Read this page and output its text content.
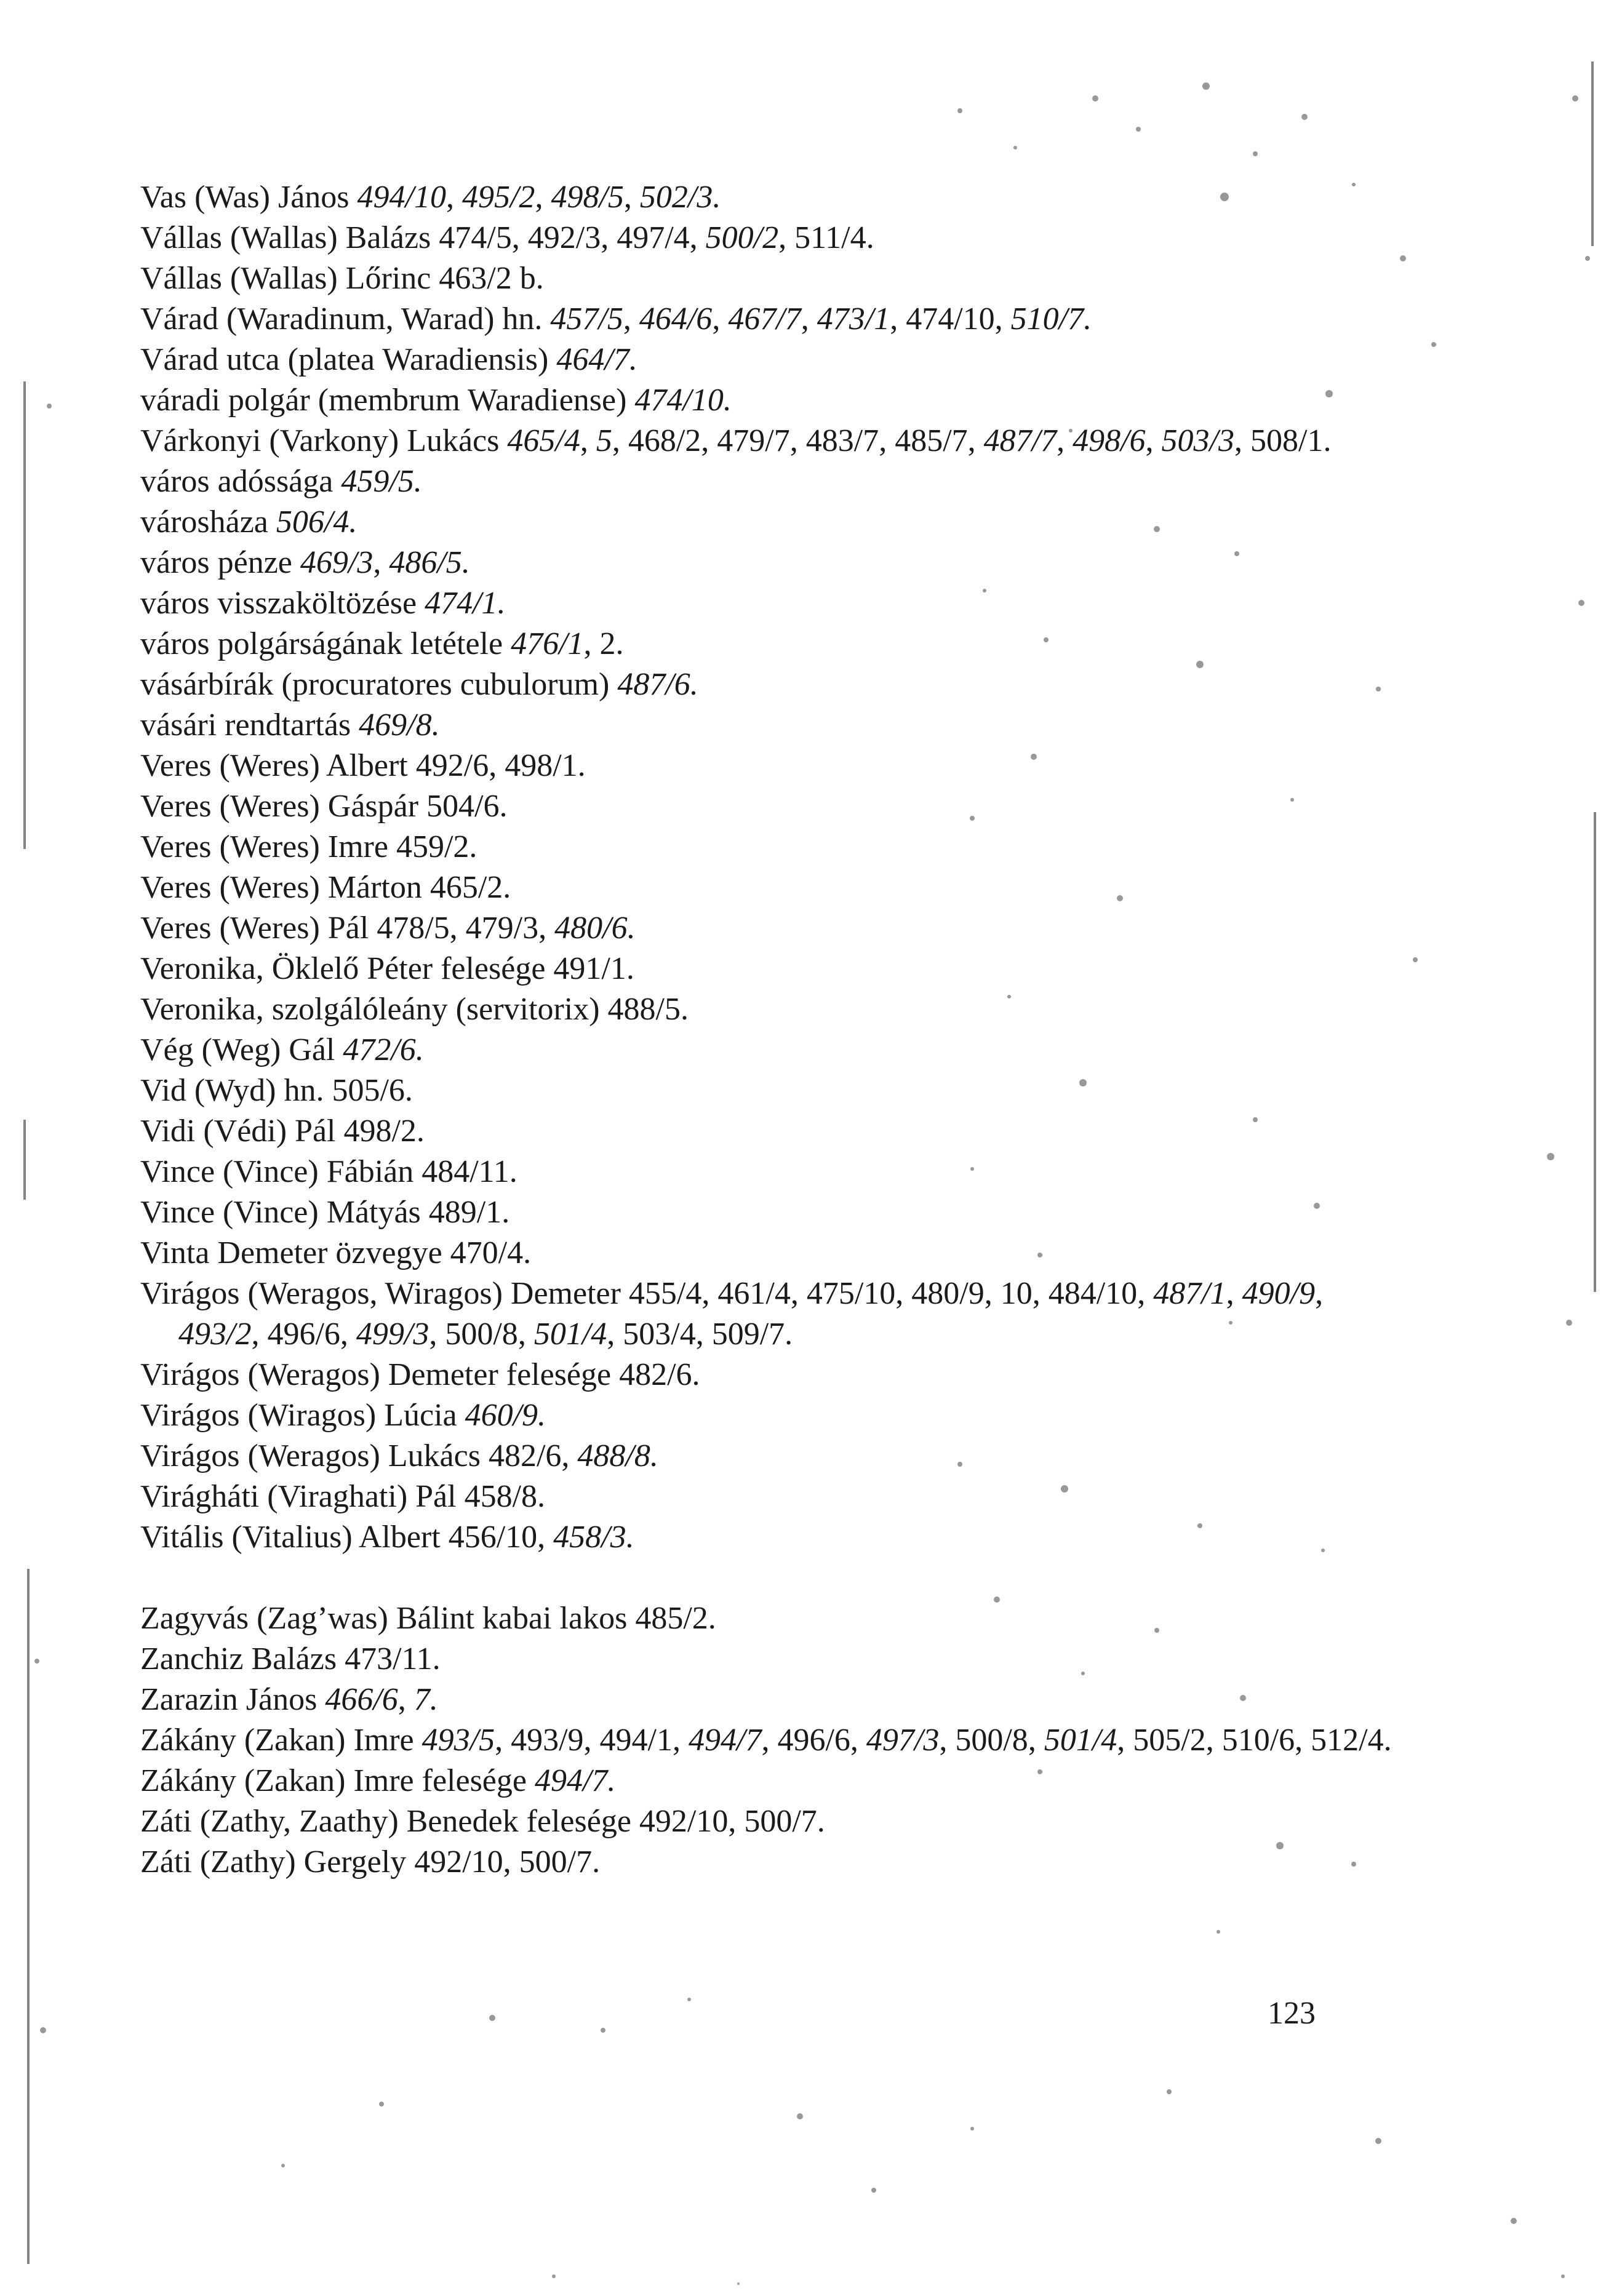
Vas (Was) János 494/10, 495/2, 498/5, 502/3.

Vállas (Wallas) Balázs 474/5, 492/3, 497/4, 500/2, 511/4.

Vállas (Wallas) Lőrinc 463/2 b.

Várad (Waradinum, Warad) hn. 457/5, 464/6, 467/7, 473/1, 474/10, 510/7.

Várad utca (platea Waradiensis) 464/7.

váradi polgár (membrum Waradiense) 474/10.

Várkonyi (Varkony) Lukács 465/4, 5, 468/2, 479/7, 483/7, 485/7, 487/7, 498/6, 503/3, 508/1.

város adóssága 459/5.

városháza 506/4.

város pénze 469/3, 486/5.

város visszaköltözése 474/1.

város polgárságának letétele 476/1, 2.

vásárbírák (procuratores cubulorum) 487/6.

vásári rendtartás 469/8.

Veres (Weres) Albert 492/6, 498/1.

Veres (Weres) Gáspár 504/6.

Veres (Weres) Imre 459/2.

Veres (Weres) Márton 465/2.

Veres (Weres) Pál 478/5, 479/3, 480/6.

Veronika, Öklelő Péter felesége 491/1.

Veronika, szolgálóleány (servitorix) 488/5.

Vég (Weg) Gál 472/6.

Vid (Wyd) hn. 505/6.

Vidi (Védi) Pál 498/2.

Vince (Vince) Fábián 484/11.

Vince (Vince) Mátyás 489/1.

Vinta Demeter özvegye 470/4.

Virágos (Weragos, Wiragos) Demeter 455/4, 461/4, 475/10, 480/9, 10, 484/10, 487/1, 490/9, 493/2, 496/6, 499/3, 500/8, 501/4, 503/4, 509/7.

Virágos (Weragos) Demeter felesége 482/6.

Virágos (Wiragos) Lúcia 460/9.

Virágos (Weragos) Lukács 482/6, 488/8.

Virágháti (Viraghati) Pál 458/8.

Vitális (Vitalius) Albert 456/10, 458/3.

Zagyvás (Zag’was) Bálint kabai lakos 485/2.

Zanchiz Balázs 473/11.

Zarazin János 466/6, 7.

Zákány (Zakan) Imre 493/5, 493/9, 494/1, 494/7, 496/6, 497/3, 500/8, 501/4, 505/2, 510/6, 512/4.

Zákány (Zakan) Imre felesége 494/7.

Záti (Zathy, Zaathy) Benedek felesége 492/10, 500/7.

Záti (Zathy) Gergely 492/10, 500/7.

123
